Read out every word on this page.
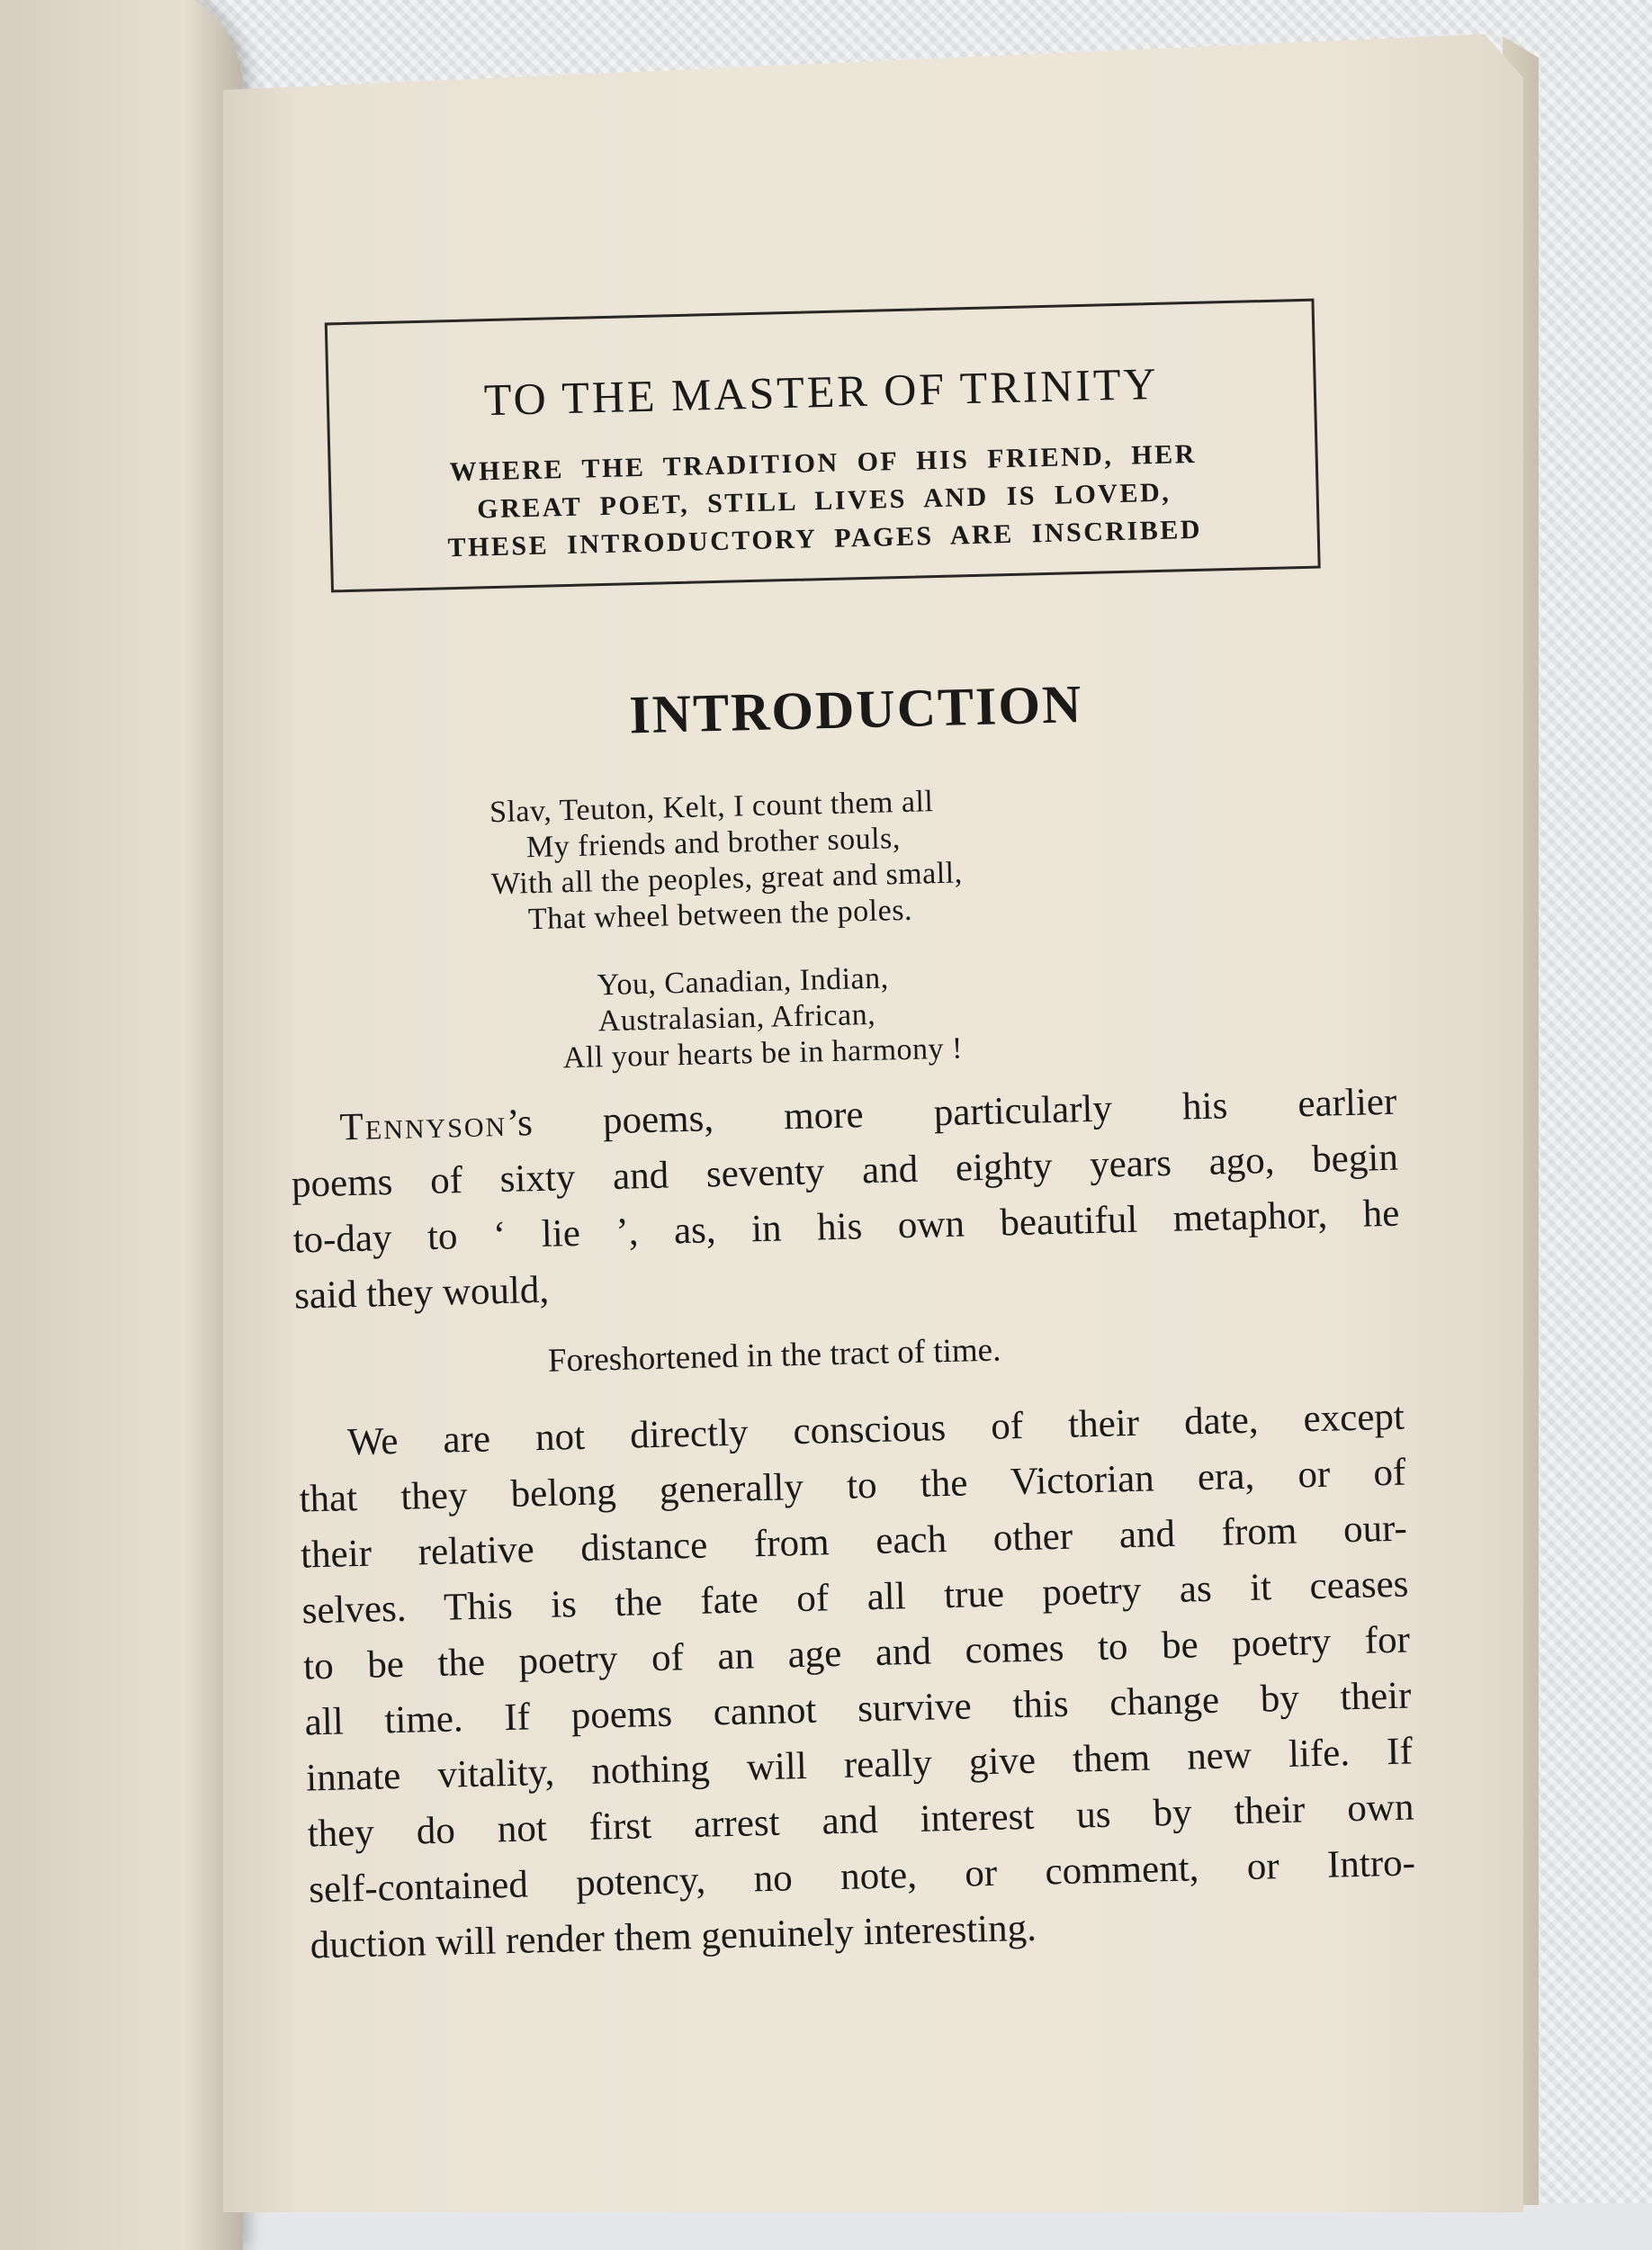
TO THE MASTER OF TRINITY
WHERE THE TRADITION OF HIS FRIEND, HER
GREAT POET, STILL LIVES AND IS LOVED,
THESE INTRODUCTORY PAGES ARE INSCRIBED
INTRODUCTION
Slav, Teuton, Kelt, I count them all
My friends and brother souls,
With all the peoples, great and small,
That wheel between the poles.
You, Canadian, Indian,
Australasian, African,
All your hearts be in harmony !
Tennyson’s poems, more particularly his earlier
poems of sixty and seventy and eighty years ago, begin
to-day to ‘ lie ’, as, in his own beautiful metaphor, he
said they would,
Foreshortened in the tract of time.
We are not directly conscious of their date, except
that they belong generally to the Victorian era, or of
their relative distance from each other and from our-
selves. This is the fate of all true poetry as it ceases
to be the poetry of an age and comes to be poetry for
all time. If poems cannot survive this change by their
innate vitality, nothing will really give them new life. If
they do not first arrest and interest us by their own
self-contained potency, no note, or comment, or Intro-
duction will render them genuinely interesting.
